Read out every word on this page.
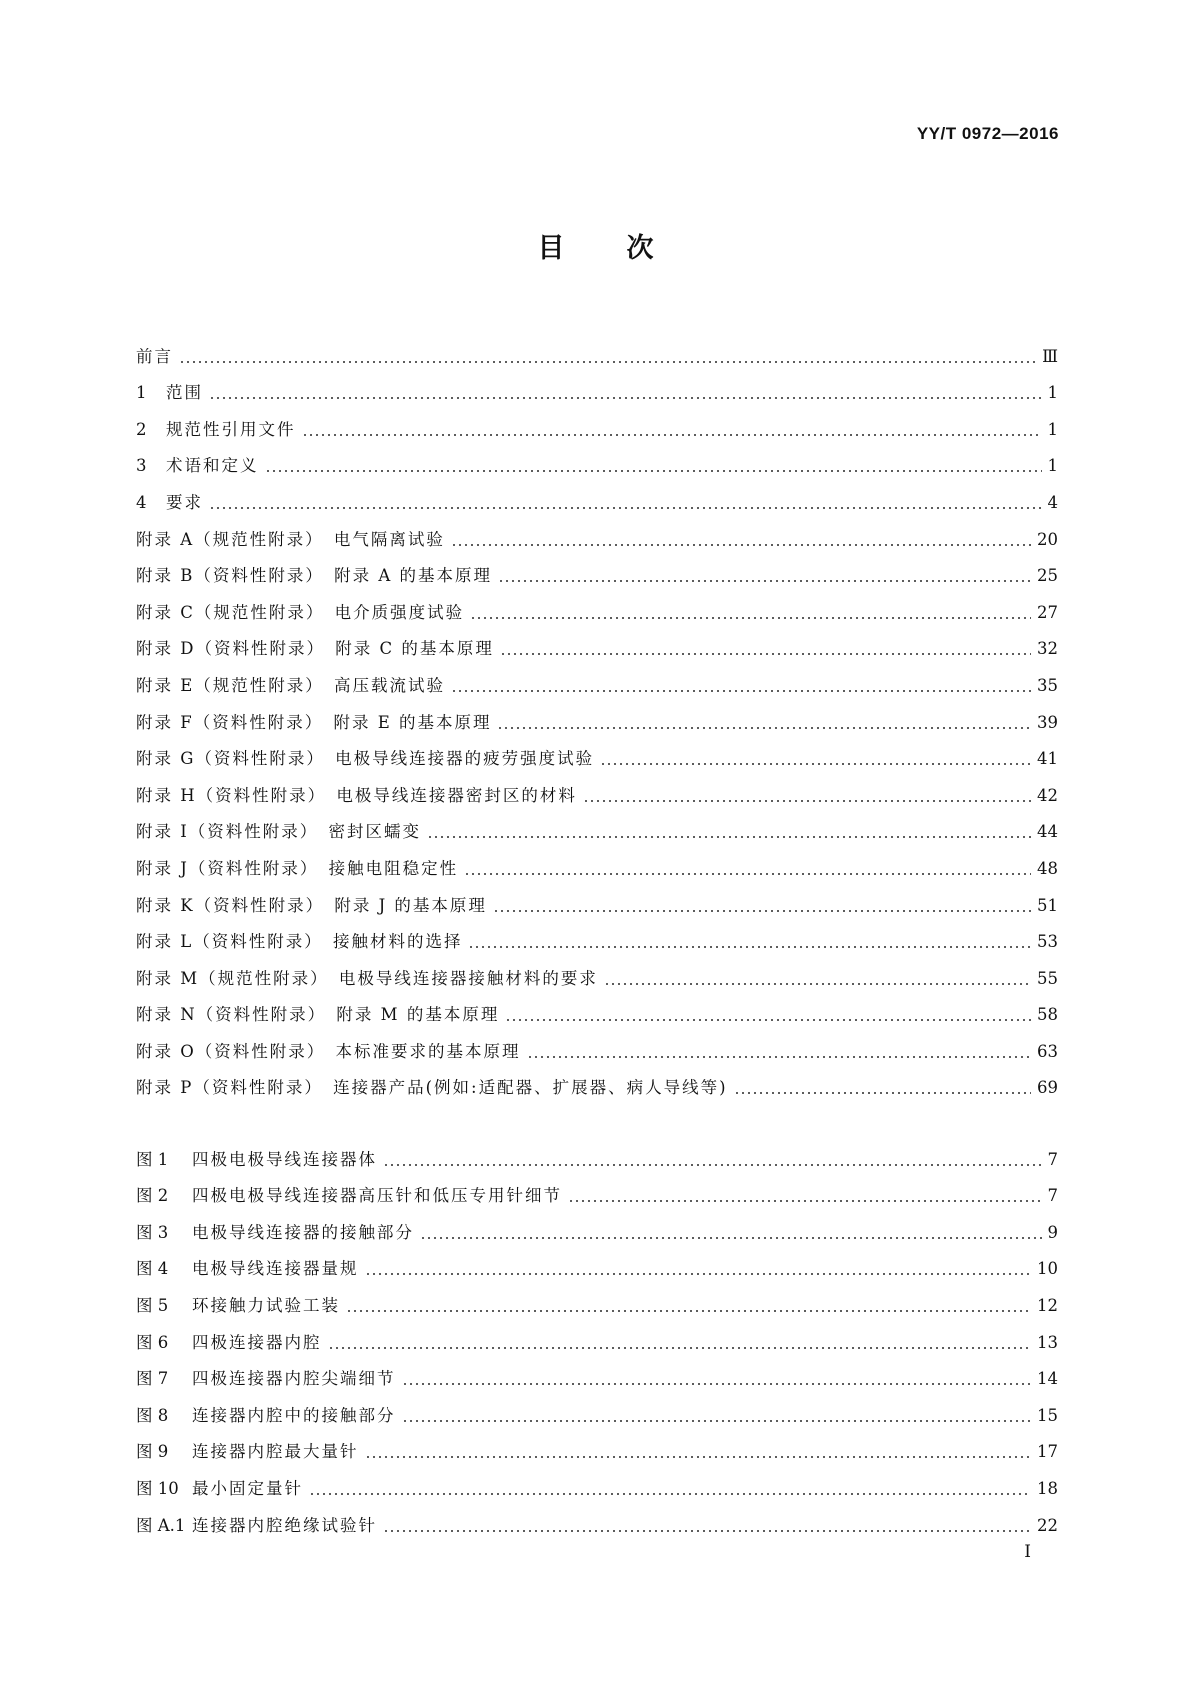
YY/T 0972—2016
目次
前言	Ⅲ
1	范围	1
2	规范性引用文件	1
3	术语和定义	1
4	要求	4
附录 A（规范性附录）　电气隔离试验	20
附录 B（资料性附录）　附录 A 的基本原理	25
附录 C（规范性附录）　电介质强度试验	27
附录 D（资料性附录）　附录 C 的基本原理	32
附录 E（规范性附录）　高压载流试验	35
附录 F（资料性附录）　附录 E 的基本原理	39
附录 G（资料性附录）　电极导线连接器的疲劳强度试验	41
附录 H（资料性附录）　电极导线连接器密封区的材料	42
附录 I（资料性附录）　密封区蠕变	44
附录 J（资料性附录）　接触电阻稳定性	48
附录 K（资料性附录）　附录 J 的基本原理	51
附录 L（资料性附录）　接触材料的选择	53
附录 M（规范性附录）　电极导线连接器接触材料的要求	55
附录 N（资料性附录）　附录 M 的基本原理	58
附录 O（资料性附录）　本标准要求的基本原理	63
附录 P（资料性附录）　连接器产品(例如:适配器、扩展器、病人导线等)	69
图 1	四极电极导线连接器体	7
图 2	四极电极导线连接器高压针和低压专用针细节	7
图 3	电极导线连接器的接触部分	9
图 4	电极导线连接器量规	10
图 5	环接触力试验工装	12
图 6	四极连接器内腔	13
图 7	四极连接器内腔尖端细节	14
图 8	连接器内腔中的接触部分	15
图 9	连接器内腔最大量针	17
图 10 最小固定量针	18
图 A.1 连接器内腔绝缘试验针	22
I
